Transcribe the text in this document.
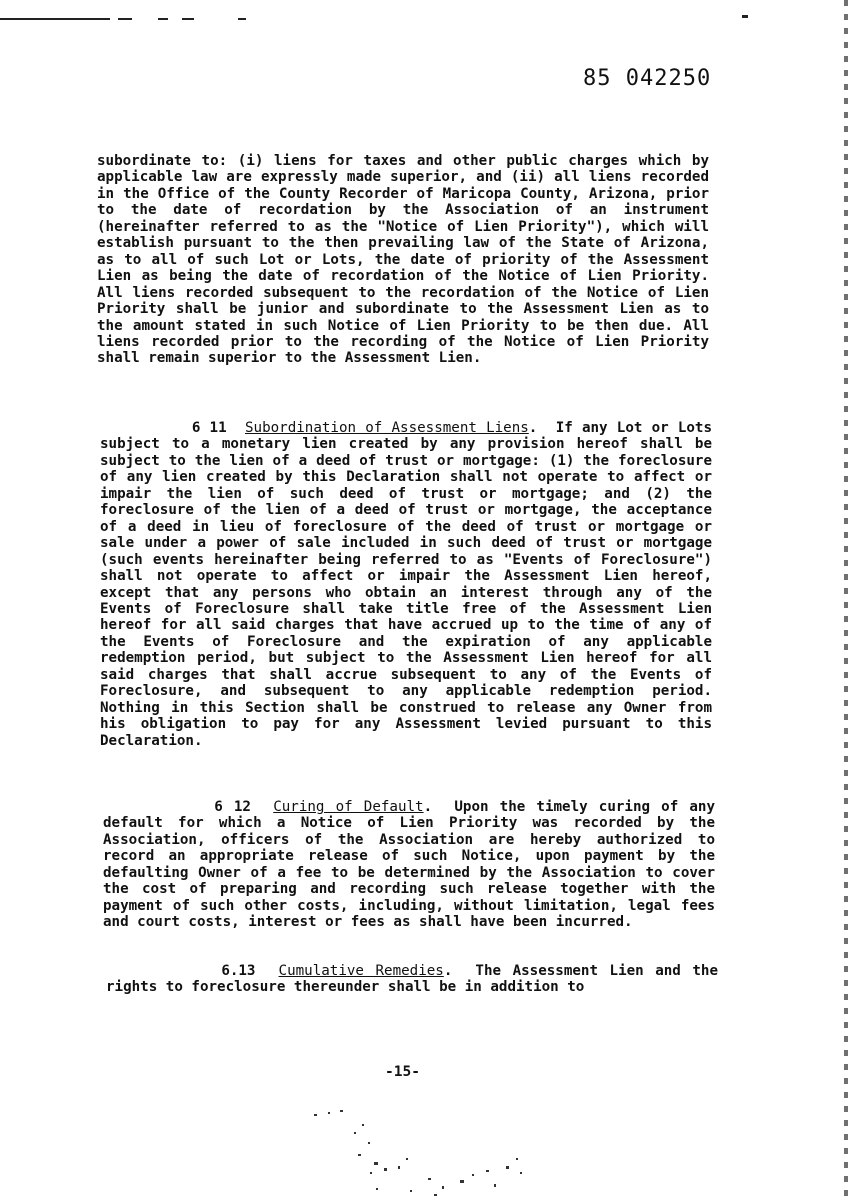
85 042250

subordinate to: (i) liens for taxes and other public charges which by applicable law are expressly made superior, and (ii) all liens recorded in the Office of the County Recorder of Maricopa County, Arizona, prior to the date of recordation by the Association of an instrument (hereinafter referred to as the "Notice of Lien Priority"), which will establish pursuant to the then prevailing law of the State of Arizona, as to all of such Lot or Lots, the date of priority of the Assessment Lien as being the date of recordation of the Notice of Lien Priority. All liens recorded subsequent to the recordation of the Notice of Lien Priority shall be junior and subordinate to the Assessment Lien as to the amount stated in such Notice of Lien Priority to be then due. All liens recorded prior to the recording of the Notice of Lien Priority shall remain superior to the Assessment Lien.

6 11  Subordination of Assessment Liens.  If any Lot or Lots subject to a monetary lien created by any provision hereof shall be subject to the lien of a deed of trust or mortgage: (1) the foreclosure of any lien created by this Declaration shall not operate to affect or impair the lien of such deed of trust or mortgage; and (2) the foreclosure of the lien of a deed of trust or mortgage, the acceptance of a deed in lieu of foreclosure of the deed of trust or mortgage or sale under a power of sale included in such deed of trust or mortgage (such events hereinafter being referred to as "Events of Foreclosure") shall not operate to affect or impair the Assessment Lien hereof, except that any persons who obtain an interest through any of the Events of Foreclosure shall take title free of the Assessment Lien hereof for all said charges that have accrued up to the time of any of the Events of Foreclosure and the expiration of any applicable redemption period, but subject to the Assessment Lien hereof for all said charges that shall accrue subsequent to any of the Events of Foreclosure, and subsequent to any applicable redemption period.  Nothing in this Section shall be construed to release any Owner from his obligation to pay for any Assessment levied pursuant to this Declaration.

6 12  Curing of Default.  Upon the timely curing of any default for which a Notice of Lien Priority was recorded by the Association, officers of the Association are hereby authorized to record an appropriate release of such Notice, upon payment by the defaulting Owner of a fee to be determined by the Association to cover the cost of preparing and recording such release together with the payment of such other costs, including, without limitation, legal fees and court costs, interest or fees as shall have been incurred.

6.13  Cumulative Remedies.  The Assessment Lien and the rights to foreclosure thereunder shall be in addition to

-15-
